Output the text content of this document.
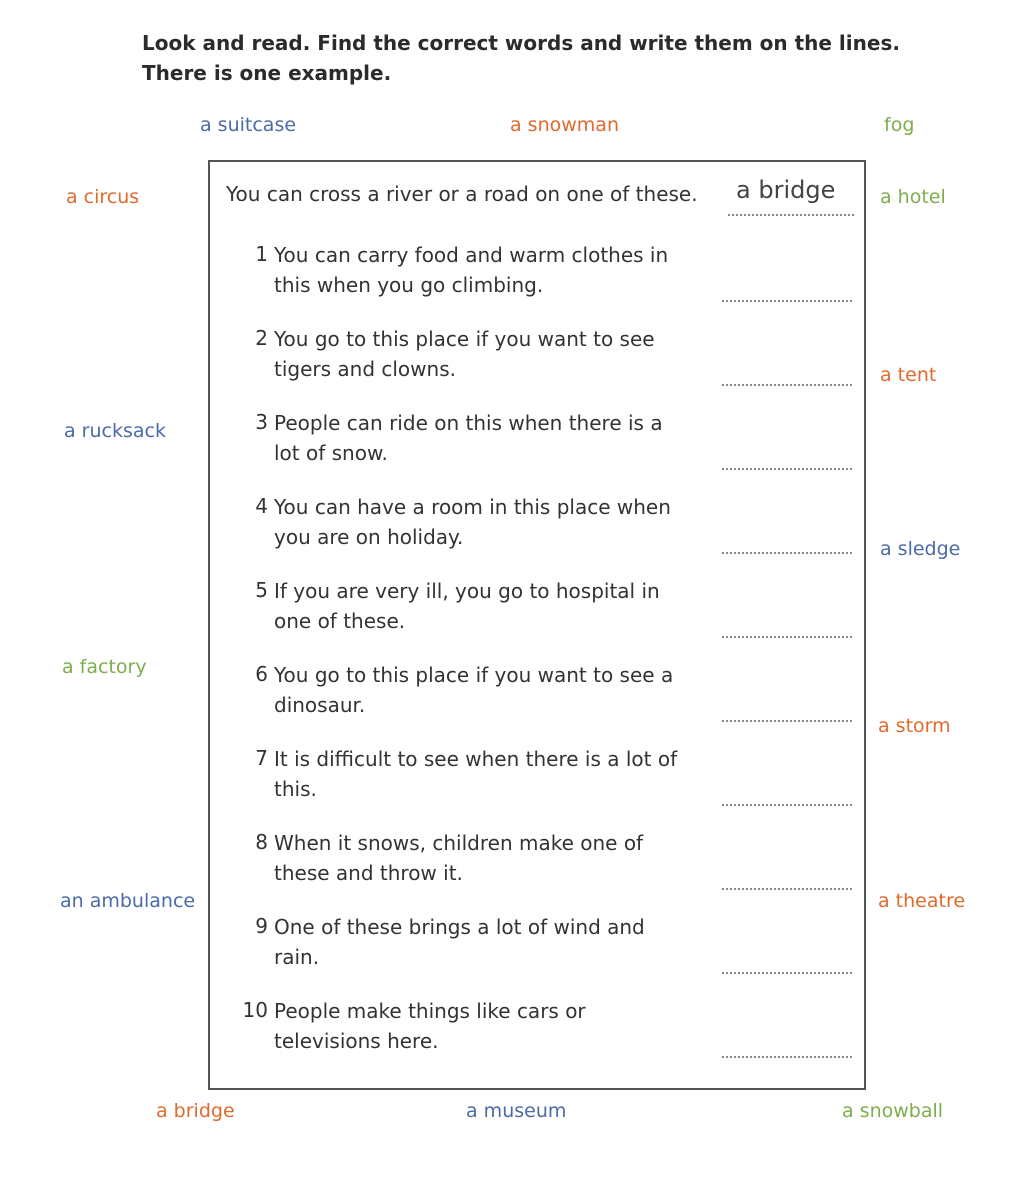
Look and read. Find the correct words and write them on the lines. There is one example.
a suitcase	a snowman	fog
a circus
a rucksack
a factory
an ambulance
a hotel
a tent
a sledge
a storm
a theatre
a bridge	a museum	a snowball
You can cross a river or a road on one of these.	a bridge
1 You can carry food and warm clothes in this when you go climbing.
2 You go to this place if you want to see tigers and clowns.
3 People can ride on this when there is a lot of snow.
4 You can have a room in this place when you are on holiday.
5 If you are very ill, you go to hospital in one of these.
6 You go to this place if you want to see a dinosaur.
7 It is difficult to see when there is a lot of this.
8 When it snows, children make one of these and throw it.
9 One of these brings a lot of wind and rain.
10 People make things like cars or televisions here.
